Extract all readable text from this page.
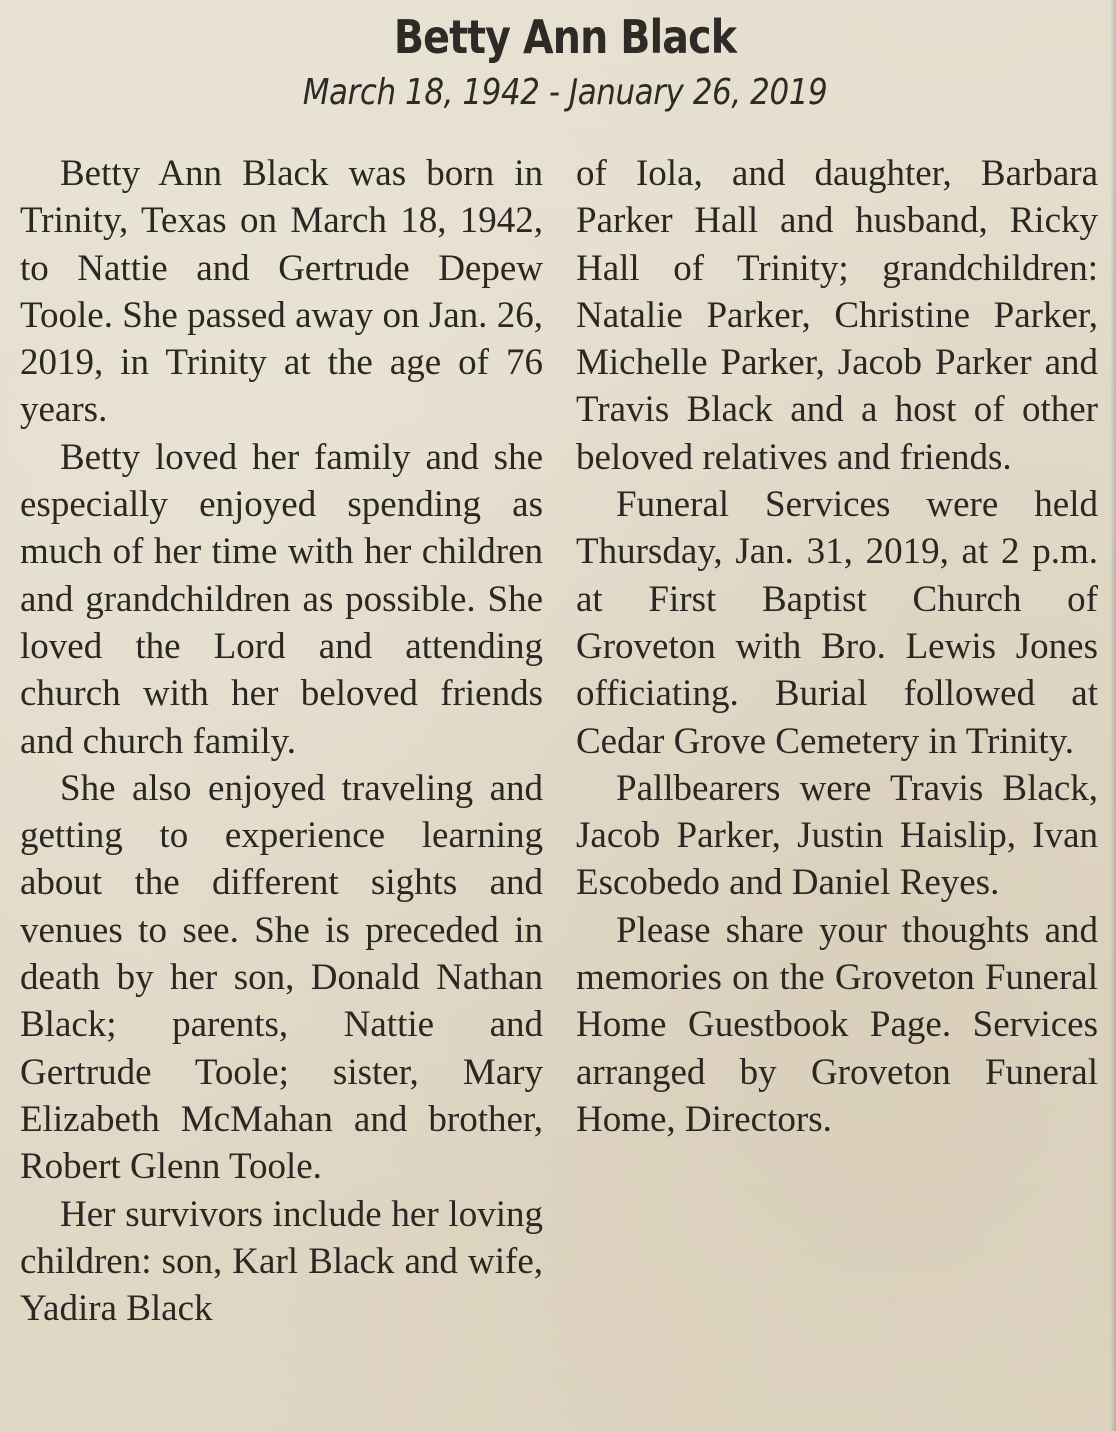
Betty Ann Black
March 18, 1942 - January 26, 2019

Betty Ann Black was born in Trinity, Texas on March 18, 1942, to Nattie and Gertrude Depew Toole. She passed away on Jan. 26, 2019, in Trinity at the age of 76 years.

Betty loved her family and she especially enjoyed spending as much of her time with her children and grandchildren as possible. She loved the Lord and attending church with her beloved friends and church family.

She also enjoyed traveling and getting to experience learning about the different sights and venues to see. She is preceded in death by her son, Donald Nathan Black; parents, Nattie and Gertrude Toole; sister, Mary Elizabeth McMahan and brother, Robert Glenn Toole.

Her survivors include her loving children: son, Karl Black and wife, Yadira Black

of Iola, and daughter, Barbara Parker Hall and husband, Ricky Hall of Trinity; grandchildren: Natalie Parker, Christine Parker, Michelle Parker, Jacob Parker and Travis Black and a host of other beloved relatives and friends.

Funeral Services were held Thursday, Jan. 31, 2019, at 2 p.m. at First Baptist Church of Groveton with Bro. Lewis Jones officiating. Burial followed at Cedar Grove Cemetery in Trinity.

Pallbearers were Travis Black, Jacob Parker, Justin Haislip, Ivan Escobedo and Daniel Reyes.

Please share your thoughts and memories on the Groveton Funeral Home Guestbook Page. Services arranged by Groveton Funeral Home, Directors.
